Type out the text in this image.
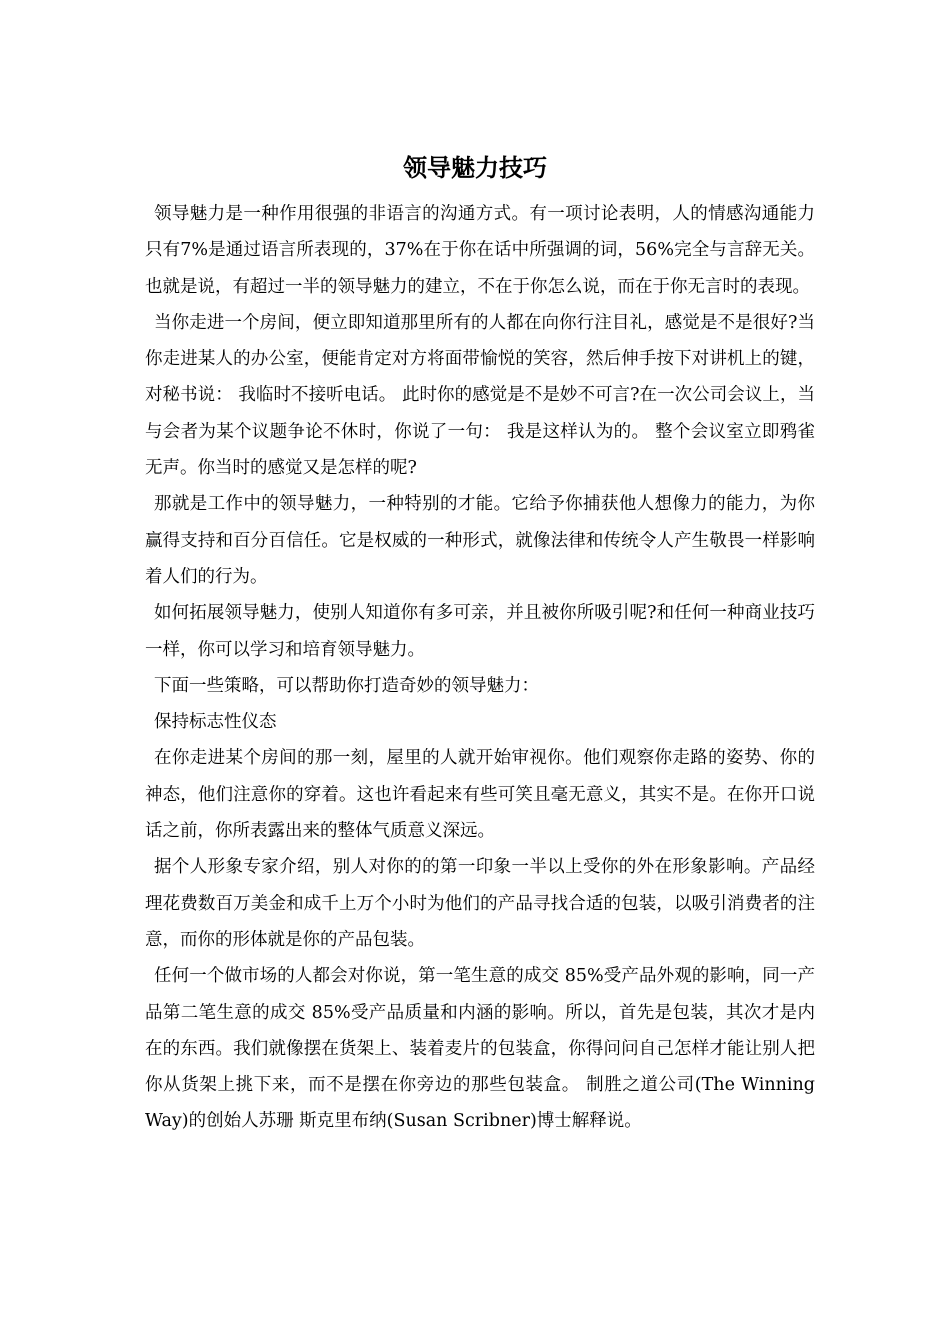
领导魅力技巧

领导魅力是一种作用很强的非语言的沟通方式。有一项讨论表明，人的情感沟通能力只有7%是通过语言所表现的，37%在于你在话中所强调的词，56%完全与言辞无关。也就是说，有超过一半的领导魅力的建立，不在于你怎么说，而在于你无言时的表现。

当你走进一个房间，便立即知道那里所有的人都在向你行注目礼，感觉是不是很好?当你走进某人的办公室，便能肯定对方将面带愉悦的笑容，然后伸手按下对讲机上的键，对秘书说： 我临时不接听电话。 此时你的感觉是不是妙不可言?在一次公司会议上，当与会者为某个议题争论不休时，你说了一句： 我是这样认为的。 整个会议室立即鸦雀无声。你当时的感觉又是怎样的呢?

那就是工作中的领导魅力，一种特别的才能。它给予你捕获他人想像力的能力，为你赢得支持和百分百信任。它是权威的一种形式，就像法律和传统令人产生敬畏一样影响着人们的行为。

如何拓展领导魅力，使别人知道你有多可亲，并且被你所吸引呢?和任何一种商业技巧一样，你可以学习和培育领导魅力。

下面一些策略，可以帮助你打造奇妙的领导魅力：

保持标志性仪态

在你走进某个房间的那一刻，屋里的人就开始审视你。他们观察你走路的姿势、你的神态，他们注意你的穿着。这也许看起来有些可笑且毫无意义，其实不是。在你开口说话之前，你所表露出来的整体气质意义深远。

据个人形象专家介绍，别人对你的的第一印象一半以上受你的外在形象影响。产品经理花费数百万美金和成千上万个小时为他们的产品寻找合适的包装，以吸引消费者的注意，而你的形体就是你的产品包装。

任何一个做市场的人都会对你说，第一笔生意的成交 85%受产品外观的影响，同一产品第二笔生意的成交 85%受产品质量和内涵的影响。所以，首先是包装，其次才是内在的东西。我们就像摆在货架上、装着麦片的包装盒，你得问问自己怎样才能让别人把你从货架上挑下来，而不是摆在你旁边的那些包装盒。 制胜之道公司(The Winning Way)的创始人苏珊 斯克里布纳(Susan Scribner)博士解释说。
